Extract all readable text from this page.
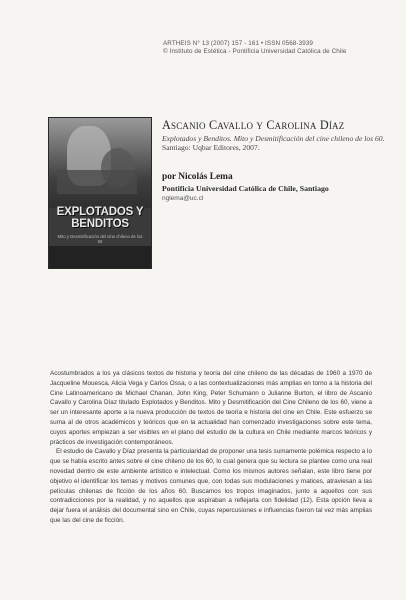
ARTHEIS N° 13 (2007) 157 - 161 • ISSN 0568-3939
© Instituto de Estética - Pontificia Universidad Católica de Chile
EXPLOTADOS Y BENDITOS
Mito y Desmitificación del cine chileno de los 60
Ascanio Cavallo y Carolina Díaz
Explotados y Benditos. Mito y Desmitificación del cine chileno de los 60.
Santiago: Uqbar Editores, 2007.
por Nicolás Lema
Pontificia Universidad Católica de Chile, Santiago
nglema@uc.cl

Acostumbrados a los ya clásicos textos de historia y teoría del cine chileno de las décadas de 1960 a 1970 de Jacqueline Mouesca, Alicia Vega y Carlos Ossa, o a las contextualizaciones más amplias en torno a la historia del Cine Latinoamericano de Michael Chanan, John King, Peter Schumann o Julianne Burton, el libro de Ascanio Cavallo y Carolina Díaz titulado Explotados y Benditos. Mito y Desmitificación del Cine Chileno de los 60, viene a ser un interesante aporte a la nueva producción de textos de teoría e historia del cine en Chile. Este esfuerzo se suma al de otros académicos y teóricos que en la actualidad han comenzado investigaciones sobre este tema, cuyos aportes empiezan a ser visibles en el plano del estudio de la cultura en Chile mediante marcos teóricos y prácticos de investigación contemporáneos.

El estudio de Cavallo y Díaz presenta la particularidad de proponer una tesis sumamente polémica respecto a lo que se había escrito antes sobre el cine chileno de los 60, lo cual genera que su lectura se plantee como una real novedad dentro de este ambiente artístico e intelectual. Como los mismos autores señalan, este libro tiene por objetivo el identificar los temas y motivos comunes que, con todas sus modulaciones y matices, atraviesan a las películas chilenas de ficción de los años 60. Buscamos los tropos imaginados, junto a aquellos con sus contradicciones por la realidad, y no aquellos que aspiraban a reflejarla con fidelidad (12). Esta opción lleva a dejar fuera el análisis del documental sino en Chile, cuyas repercusiones e influencias fueron tal vez más amplias que las del cine de ficción.
